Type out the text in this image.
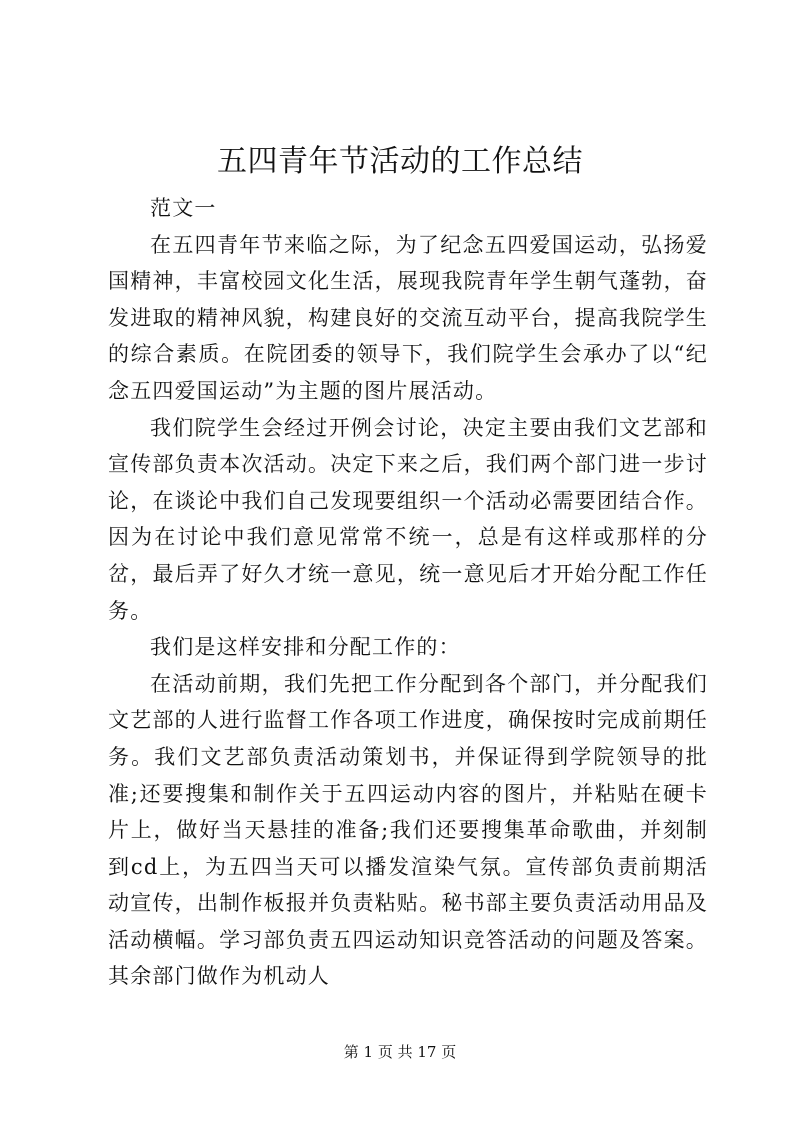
五四青年节活动的工作总结

范文一

在五四青年节来临之际，为了纪念五四爱国运动，弘扬爱国精神，丰富校园文化生活，展现我院青年学生朝气蓬勃，奋发进取的精神风貌，构建良好的交流互动平台，提高我院学生的综合素质。在院团委的领导下，我们院学生会承办了以“纪念五四爱国运动”为主题的图片展活动。

我们院学生会经过开例会讨论，决定主要由我们文艺部和宣传部负责本次活动。决定下来之后，我们两个部门进一步讨论，在谈论中我们自己发现要组织一个活动必需要团结合作。因为在讨论中我们意见常常不统一，总是有这样或那样的分岔，最后弄了好久才统一意见，统一意见后才开始分配工作任务。

我们是这样安排和分配工作的：

在活动前期，我们先把工作分配到各个部门，并分配我们文艺部的人进行监督工作各项工作进度，确保按时完成前期任务。我们文艺部负责活动策划书，并保证得到学院领导的批准;还要搜集和制作关于五四运动内容的图片，并粘贴在硬卡片上，做好当天悬挂的准备;我们还要搜集革命歌曲，并刻制到cd上，为五四当天可以播发渲染气氛。宣传部负责前期活动宣传，出制作板报并负责粘贴。秘书部主要负责活动用品及活动横幅。学习部负责五四运动知识竞答活动的问题及答案。其余部门做作为机动人

第 1 页 共 17 页
